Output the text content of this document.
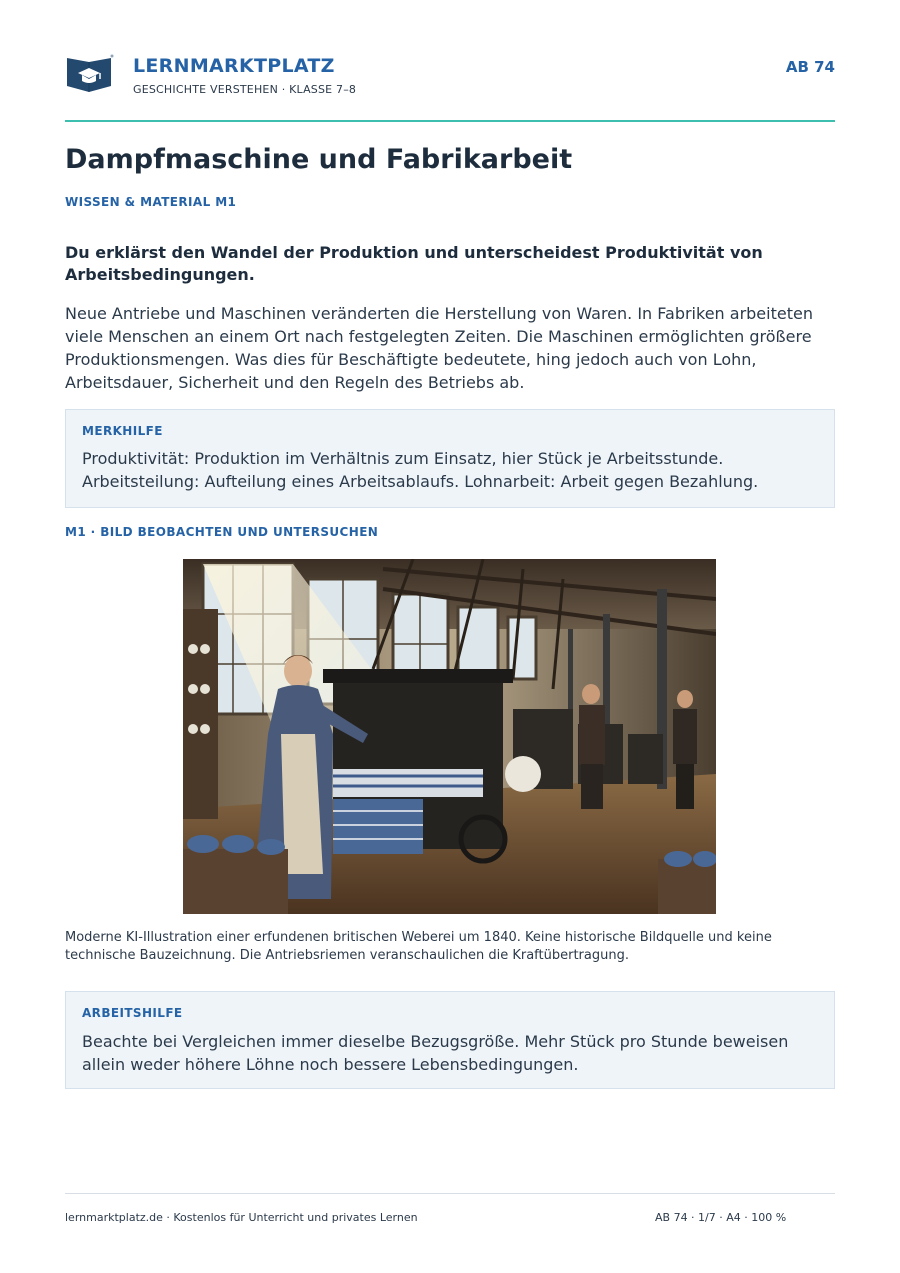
LERNMARKTPLATZ
GESCHICHTE VERSTEHEN · KLASSE 7–8
AB 74
Dampfmaschine und Fabrikarbeit
WISSEN & MATERIAL M1
Du erklärst den Wandel der Produktion und unterscheidest Produktivität von Arbeitsbedingungen.
Neue Antriebe und Maschinen veränderten die Herstellung von Waren. In Fabriken arbeiteten viele Menschen an einem Ort nach festgelegten Zeiten. Die Maschinen ermöglichten größere Produktionsmengen. Was dies für Beschäftigte bedeutete, hing jedoch auch von Lohn, Arbeitsdauer, Sicherheit und den Regeln des Betriebs ab.
MERKHILFE
Produktivität: Produktion im Verhältnis zum Einsatz, hier Stück je Arbeitsstunde. Arbeitsteilung: Aufteilung eines Arbeitsablaufs. Lohnarbeit: Arbeit gegen Bezahlung.
M1 · BILD BEOBACHTEN UND UNTERSUCHEN
Moderne KI-Illustration einer erfundenen britischen Weberei um 1840. Keine historische Bildquelle und keine technische Bauzeichnung. Die Antriebsriemen veranschaulichen die Kraftübertragung.
ARBEITSHILFE
Beachte bei Vergleichen immer dieselbe Bezugsgröße. Mehr Stück pro Stunde beweisen allein weder höhere Löhne noch bessere Lebensbedingungen.
lernmarktplatz.de · Kostenlos für Unterricht und privates Lernen	AB 74 · 1/7 · A4 · 100 %
